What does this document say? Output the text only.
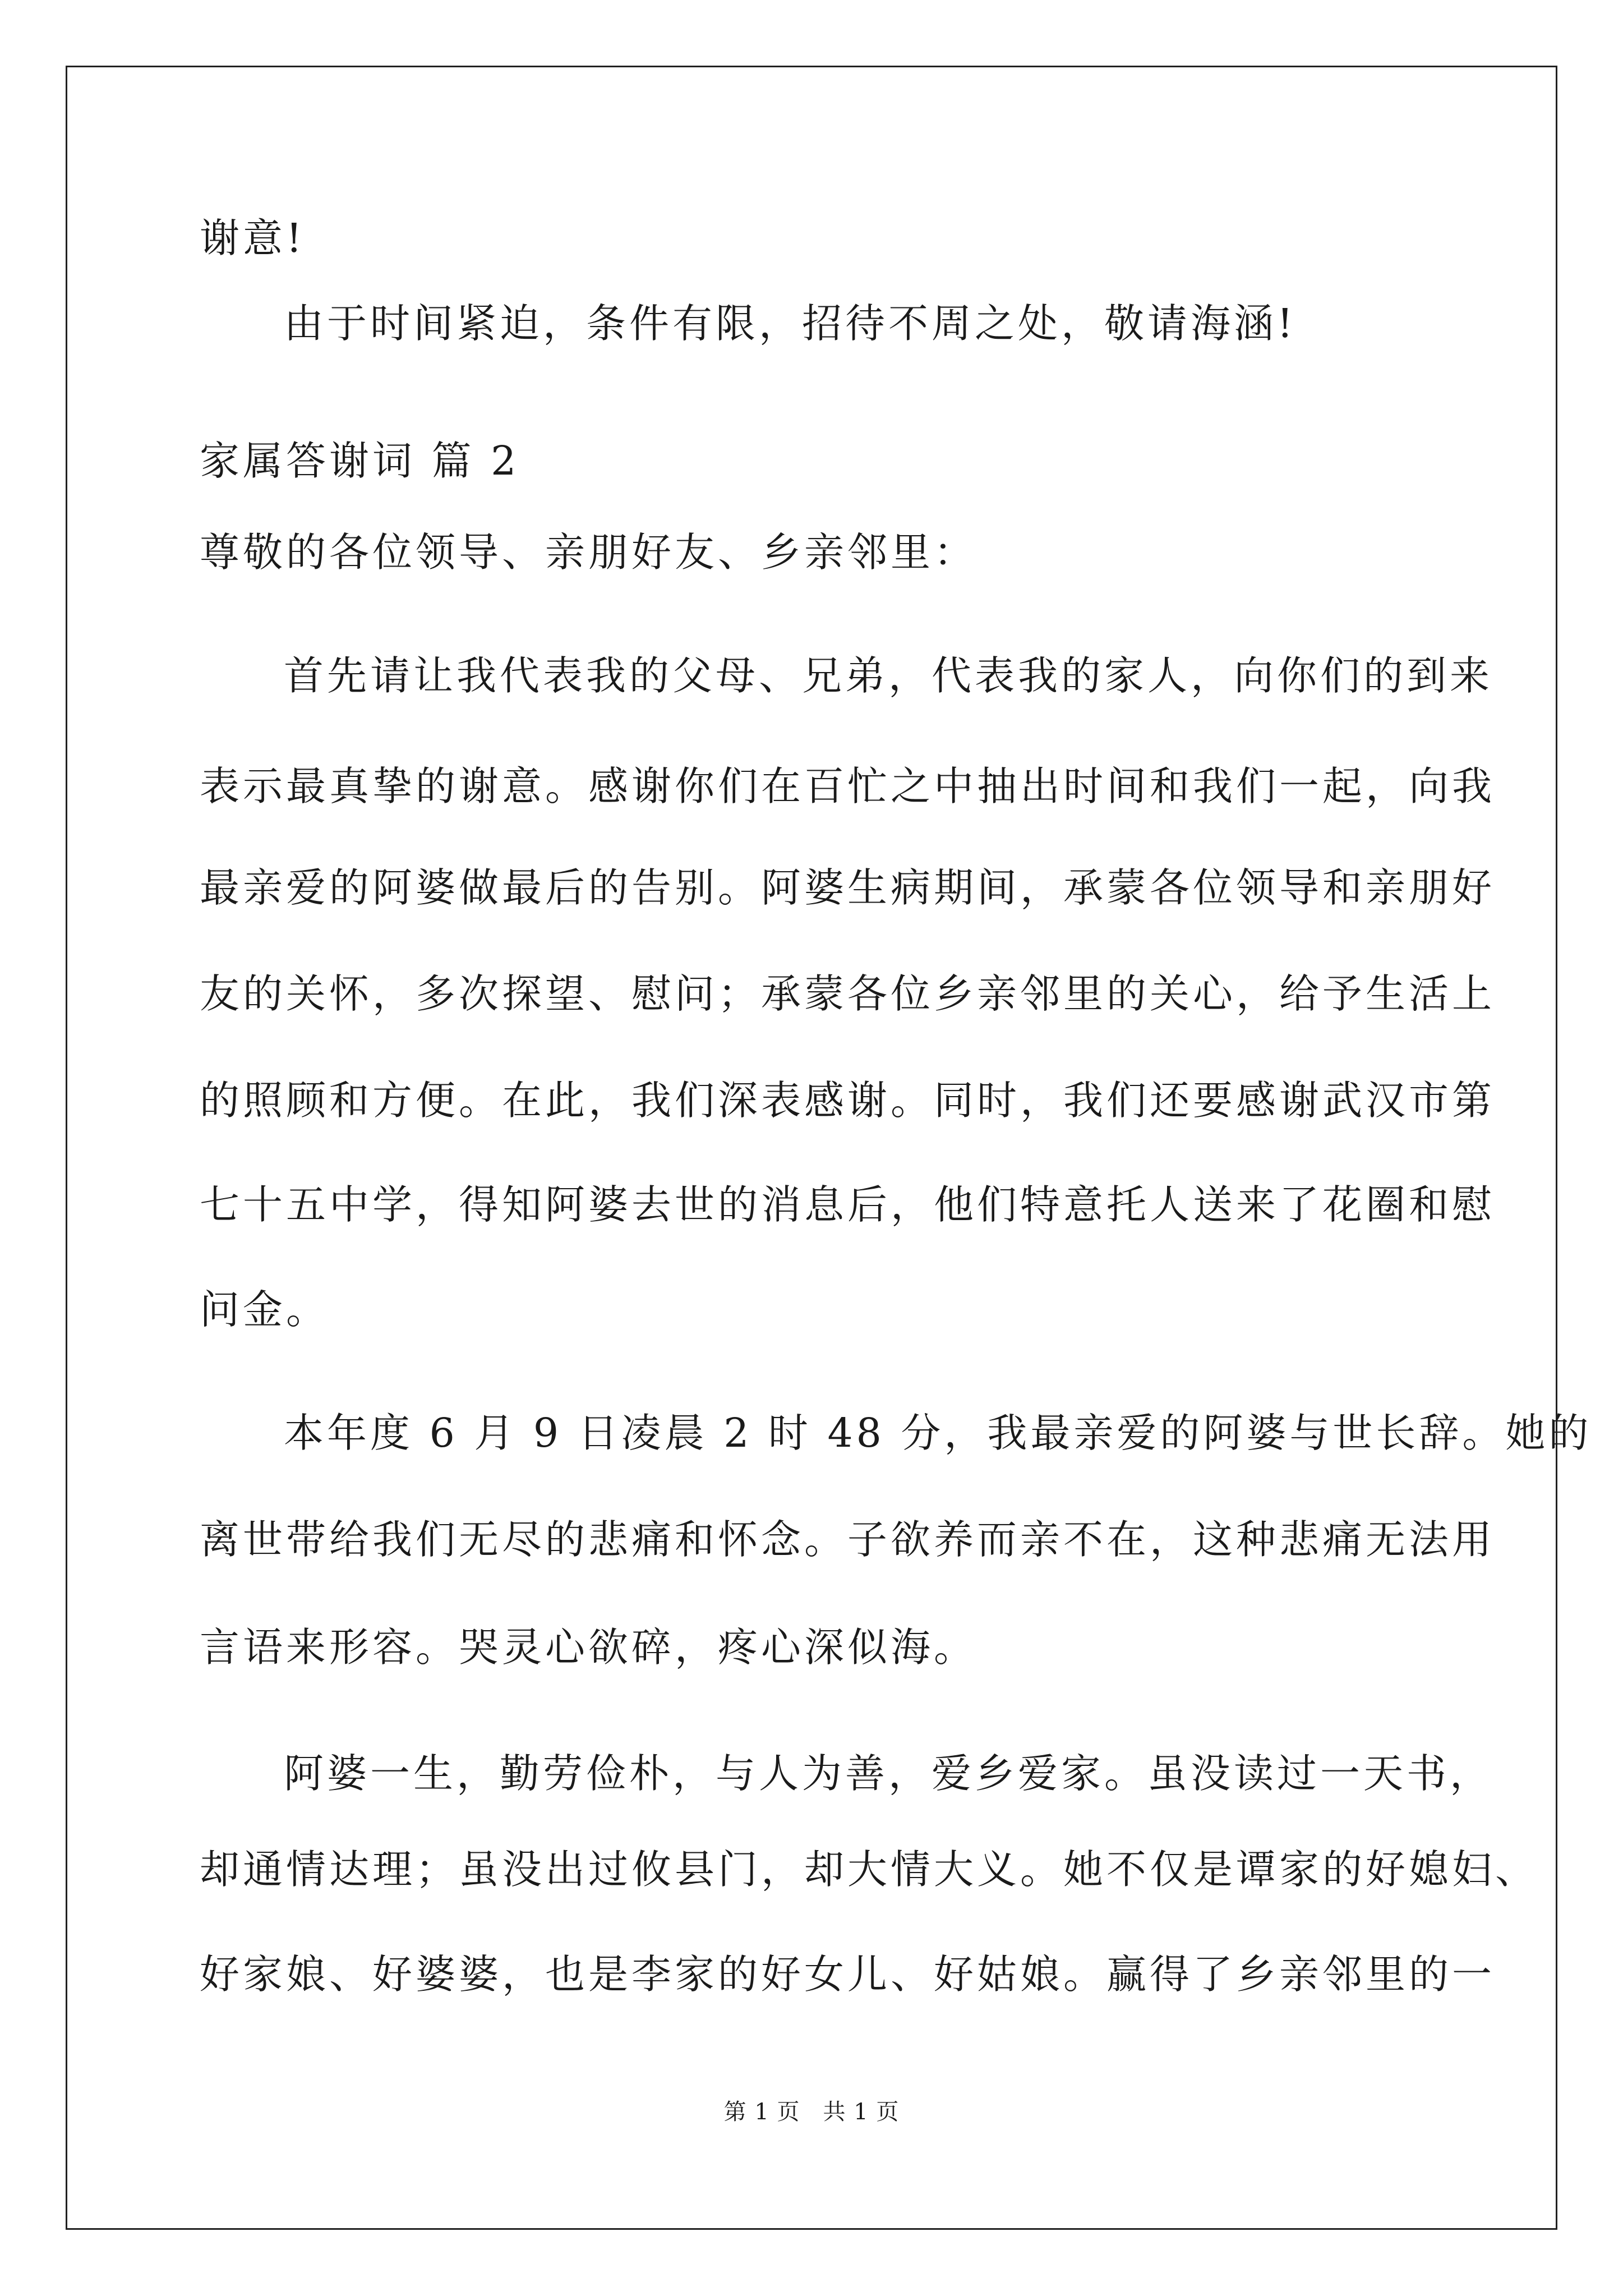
谢意!
由于时间紧迫，条件有限，招待不周之处，敬请海涵!
家属答谢词 篇 2
尊敬的各位领导、亲朋好友、乡亲邻里：
首先请让我代表我的父母、兄弟，代表我的家人，向你们的到来
表示最真挚的谢意。感谢你们在百忙之中抽出时间和我们一起，向我
最亲爱的阿婆做最后的告别。阿婆生病期间，承蒙各位领导和亲朋好
友的关怀，多次探望、慰问；承蒙各位乡亲邻里的关心，给予生活上
的照顾和方便。在此，我们深表感谢。同时，我们还要感谢武汉市第
七十五中学，得知阿婆去世的消息后，他们特意托人送来了花圈和慰
问金。
本年度 6 月 9 日凌晨 2 时 48 分，我最亲爱的阿婆与世长辞。她的
离世带给我们无尽的悲痛和怀念。子欲养而亲不在，这种悲痛无法用
言语来形容。哭灵心欲碎，疼心深似海。
阿婆一生，勤劳俭朴，与人为善，爱乡爱家。虽没读过一天书，
却通情达理；虽没出过攸县门，却大情大义。她不仅是谭家的好媳妇、
好家娘、好婆婆，也是李家的好女儿、好姑娘。赢得了乡亲邻里的一
第 1 页　共 1 页
